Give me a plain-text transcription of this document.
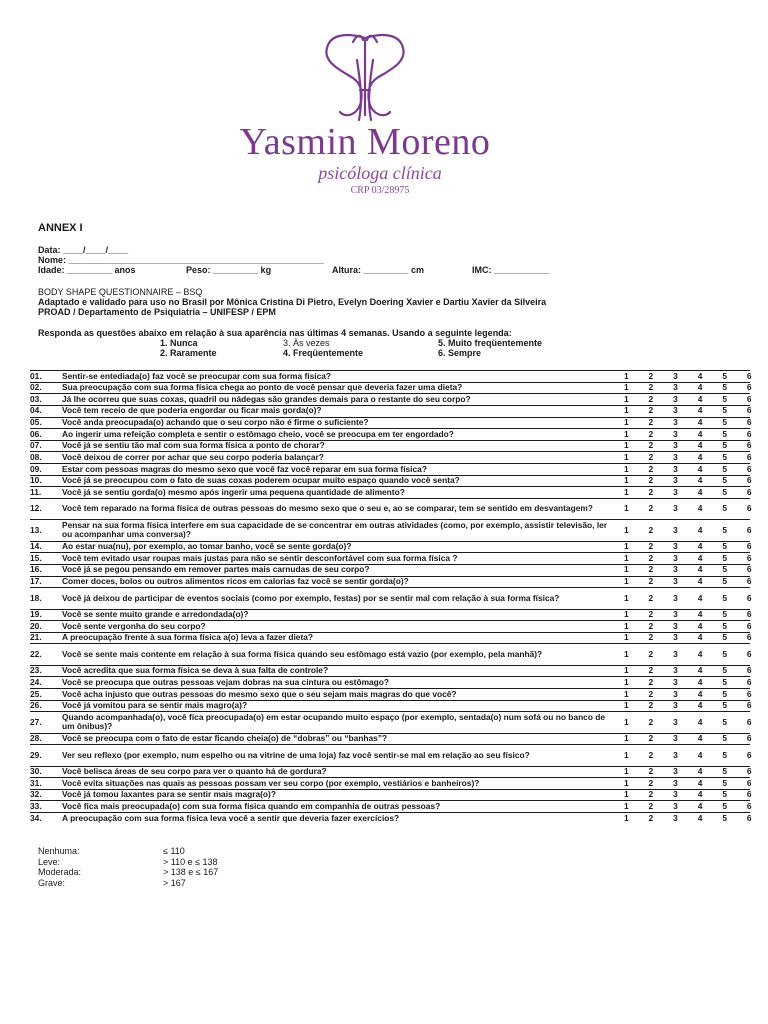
Yasmin Moreno
psicóloga clínica
CRP 03/28975
ANNEX I
Data: ____/____/____
Nome: ___________________________________________________
Idade: _________ anos	Peso: _________ kg	Altura: _________ cm	IMC: ___________
BODY SHAPE QUESTIONNAIRE – BSQ
Adaptado e validado para uso no Brasil por Mônica Cristina Di Pietro, Evelyn Doering Xavier e Dartiu Xavier da Silveira
PROAD / Departamento de Psiquiatria – UNIFESP / EPM
Responda as questões abaixo em relação à sua aparência nas últimas 4 semanas. Usando a seguinte legenda:
1. Nunca
2. Raramente
3. Às vezes
4. Freqüentemente
5. Muito freqüentemente
6. Sempre
01.	Sentir-se entediada(o) faz você se preocupar com sua forma física?	1	2	3	4	5	6
02.	Sua preocupação com sua forma física chega ao ponto de você pensar que deveria fazer uma dieta?	1	2	3	4	5	6
03.	Já lhe ocorreu que suas coxas, quadril ou nádegas são grandes demais para o restante do seu corpo?	1	2	3	4	5	6
04.	Você tem receio de que poderia engordar ou ficar mais gorda(o)?	1	2	3	4	5	6
05.	Você anda preocupada(o) achando que o seu corpo não é firme o suficiente?	1	2	3	4	5	6
06.	Ao ingerir uma refeição completa e sentir o estômago cheio, você se preocupa em ter engordado?	1	2	3	4	5	6
07.	Você já se sentiu tão mal com sua forma física a ponto de chorar?	1	2	3	4	5	6
08.	Você deixou de correr por achar que seu corpo poderia balançar?	1	2	3	4	5	6
09.	Estar com pessoas magras do mesmo sexo que você faz você reparar em sua forma física?	1	2	3	4	5	6
10.	Você já se preocupou com o fato de suas coxas poderem ocupar muito espaço quando você senta?	1	2	3	4	5	6
11.	Você já se sentiu gorda(o) mesmo após ingerir uma pequena quantidade de alimento?	1	2	3	4	5	6
12.	Você tem reparado na forma física de outras pessoas do mesmo sexo que o seu e, ao se comparar, tem se sentido em desvantagem?	1	2	3	4	5	6
13.	Pensar na sua forma física interfere em sua capacidade de se concentrar em outras atividades (como, por exemplo, assistir televisão, ler ou acompanhar uma conversa)?	1	2	3	4	5	6
14.	Ao estar nua(nu), por exemplo, ao tomar banho, você se sente gorda(o)?	1	2	3	4	5	6
15.	Você tem evitado usar roupas mais justas para não se sentir desconfortável com sua forma física ?	1	2	3	4	5	6
16.	Você já se pegou pensando em remover partes mais carnudas de seu corpo?	1	2	3	4	5	6
17.	Comer doces, bolos ou outros alimentos ricos em calorias faz você se sentir gorda(o)?	1	2	3	4	5	6
18.	Você já deixou de participar de eventos sociais (como por exemplo, festas) por se sentir mal com relação à sua forma física?	1	2	3	4	5	6
19.	Você se sente muito grande e arredondada(o)?	1	2	3	4	5	6
20.	Você sente vergonha do seu corpo?	1	2	3	4	5	6
21.	A preocupação frente à sua forma física a(o) leva a fazer dieta?	1	2	3	4	5	6
22.	Você se sente mais contente em relação à sua forma física quando seu estômago está vazio (por exemplo, pela manhã)?	1	2	3	4	5	6
23.	Você acredita que sua forma física se deva à sua falta de controle?	1	2	3	4	5	6
24.	Você se preocupa que outras pessoas vejam dobras na sua cintura ou estômago?	1	2	3	4	5	6
25.	Você acha injusto que outras pessoas do mesmo sexo que o seu sejam mais magras do que você?	1	2	3	4	5	6
26.	Você já vomitou para se sentir mais magro(a)?	1	2	3	4	5	6
27.	Quando acompanhada(o), você fica preocupada(o) em estar ocupando muito espaço (por exemplo, sentada(o) num sofá ou no banco de um ônibus)?	1	2	3	4	5	6
28.	Você se preocupa com o fato de estar ficando cheia(o) de “dobras” ou “banhas”?	1	2	3	4	5	6
29.	Ver seu reflexo (por exemplo, num espelho ou na vitrine de uma loja) faz você sentir-se mal em relação ao seu físico?	1	2	3	4	5	6
30.	Você belisca áreas de seu corpo para ver o quanto há de gordura?	1	2	3	4	5	6
31.	Você evita situações nas quais as pessoas possam ver seu corpo (por exemplo, vestiários e banheiros)?	1	2	3	4	5	6
32.	Você já tomou laxantes para se sentir mais magra(o)?	1	2	3	4	5	6
33.	Você fica mais preocupada(o) com sua forma física quando em companhia de outras pessoas?	1	2	3	4	5	6
34.	A preocupação com sua forma física leva você a sentir que deveria fazer exercícios?	1	2	3	4	5	6
Nenhuma:	≤ 110
Leve:	> 110 e ≤ 138
Moderada:	> 138 e ≤ 167
Grave:	> 167
